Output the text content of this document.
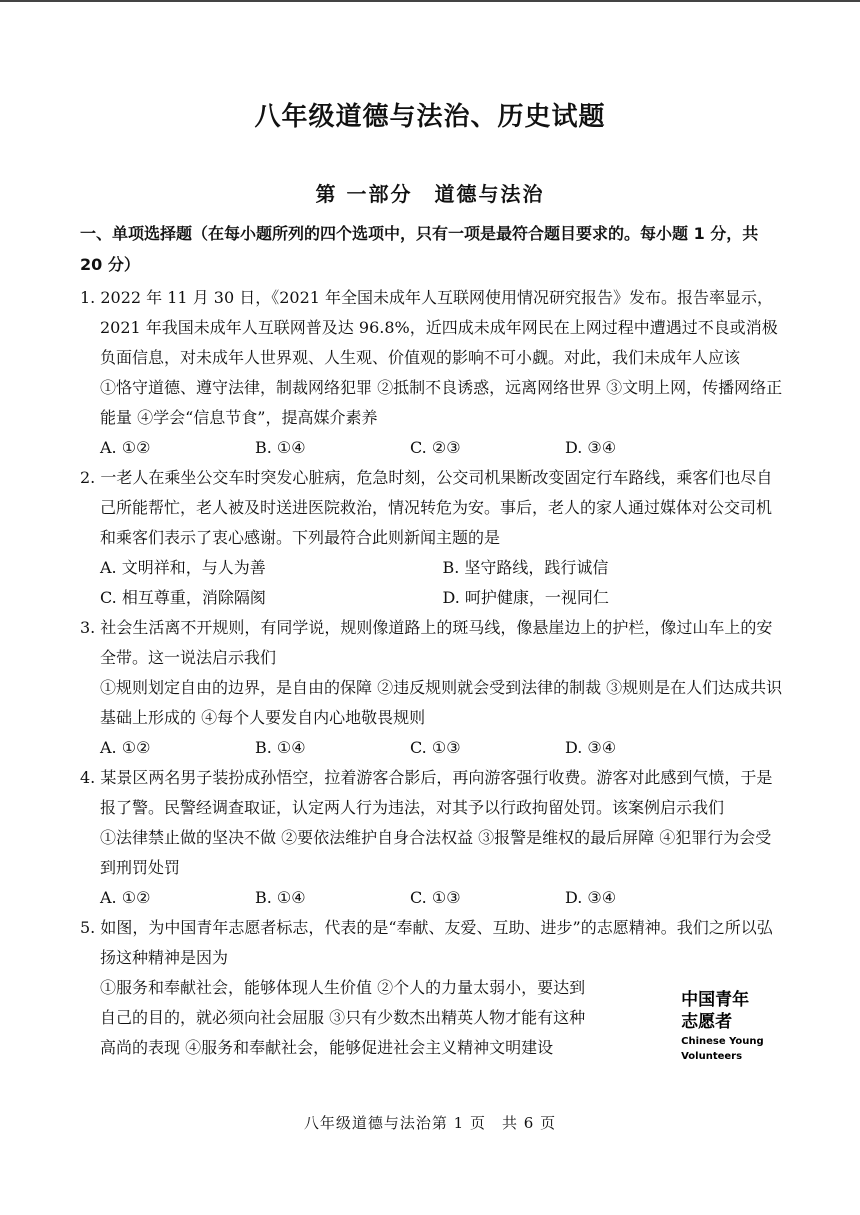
八年级道德与法治、历史试题
第 一部分　道德与法治
一、单项选择题（在每小题所列的四个选项中，只有一项是最符合题目要求的。每小题 1 分，共 20 分）

1. 2022 年 11 月 30 日，《2021 年全国未成年人互联网使用情况研究报告》发布。报告率显示，2021 年我国未成年人互联网普及达 96.8%，近四成未成年网民在上网过程中遭遇过不良或消极负面信息，对未成年人世界观、人生观、价值观的影响不可小觑。对此，我们未成年人应该

①恪守道德、遵守法律，制裁网络犯罪 ②抵制不良诱惑，远离网络世界 ③文明上网，传播网络正能量 ④学会“信息节食”，提高媒介素养

A. ①②	B. ①④	C. ②③	D. ③④

2. 一老人在乘坐公交车时突发心脏病，危急时刻，公交司机果断改变固定行车路线，乘客们也尽自己所能帮忙，老人被及时送进医院救治，情况转危为安。事后，老人的家人通过媒体对公交司机和乘客们表示了衷心感谢。下列最符合此则新闻主题的是

A. 文明祥和，与人为善	B. 坚守路线，践行诚信
C. 相互尊重，消除隔阂	D. 呵护健康，一视同仁

3. 社会生活离不开规则，有同学说，规则像道路上的斑马线，像悬崖边上的护栏，像过山车上的安全带。这一说法启示我们

①规则划定自由的边界，是自由的保障 ②违反规则就会受到法律的制裁 ③规则是在人们达成共识基础上形成的 ④每个人要发自内心地敬畏规则

A. ①②	B. ①④	C. ①③	D. ③④

4. 某景区两名男子装扮成孙悟空，拉着游客合影后，再向游客强行收费。游客对此感到气愤，于是报了警。民警经调查取证，认定两人行为违法，对其予以行政拘留处罚。该案例启示我们

①法律禁止做的坚决不做 ②要依法维护自身合法权益 ③报警是维权的最后屏障 ④犯罪行为会受到刑罚处罚

A. ①②	B. ①④	C. ①③	D. ③④

5. 如图，为中国青年志愿者标志，代表的是“奉献、友爱、互助、进步”的志愿精神。我们之所以弘扬这种精神是因为

①服务和奉献社会，能够体现人生价值 ②个人的力量太弱小，要达到自己的目的，就必须向社会屈服 ③只有少数杰出精英人物才能有这种高尚的表现 ④服务和奉献社会，能够促进社会主义精神文明建设

中国青年
志愿者
Chinese Young
Volunteers
八年级道德与法治第 1 页　共 6 页
